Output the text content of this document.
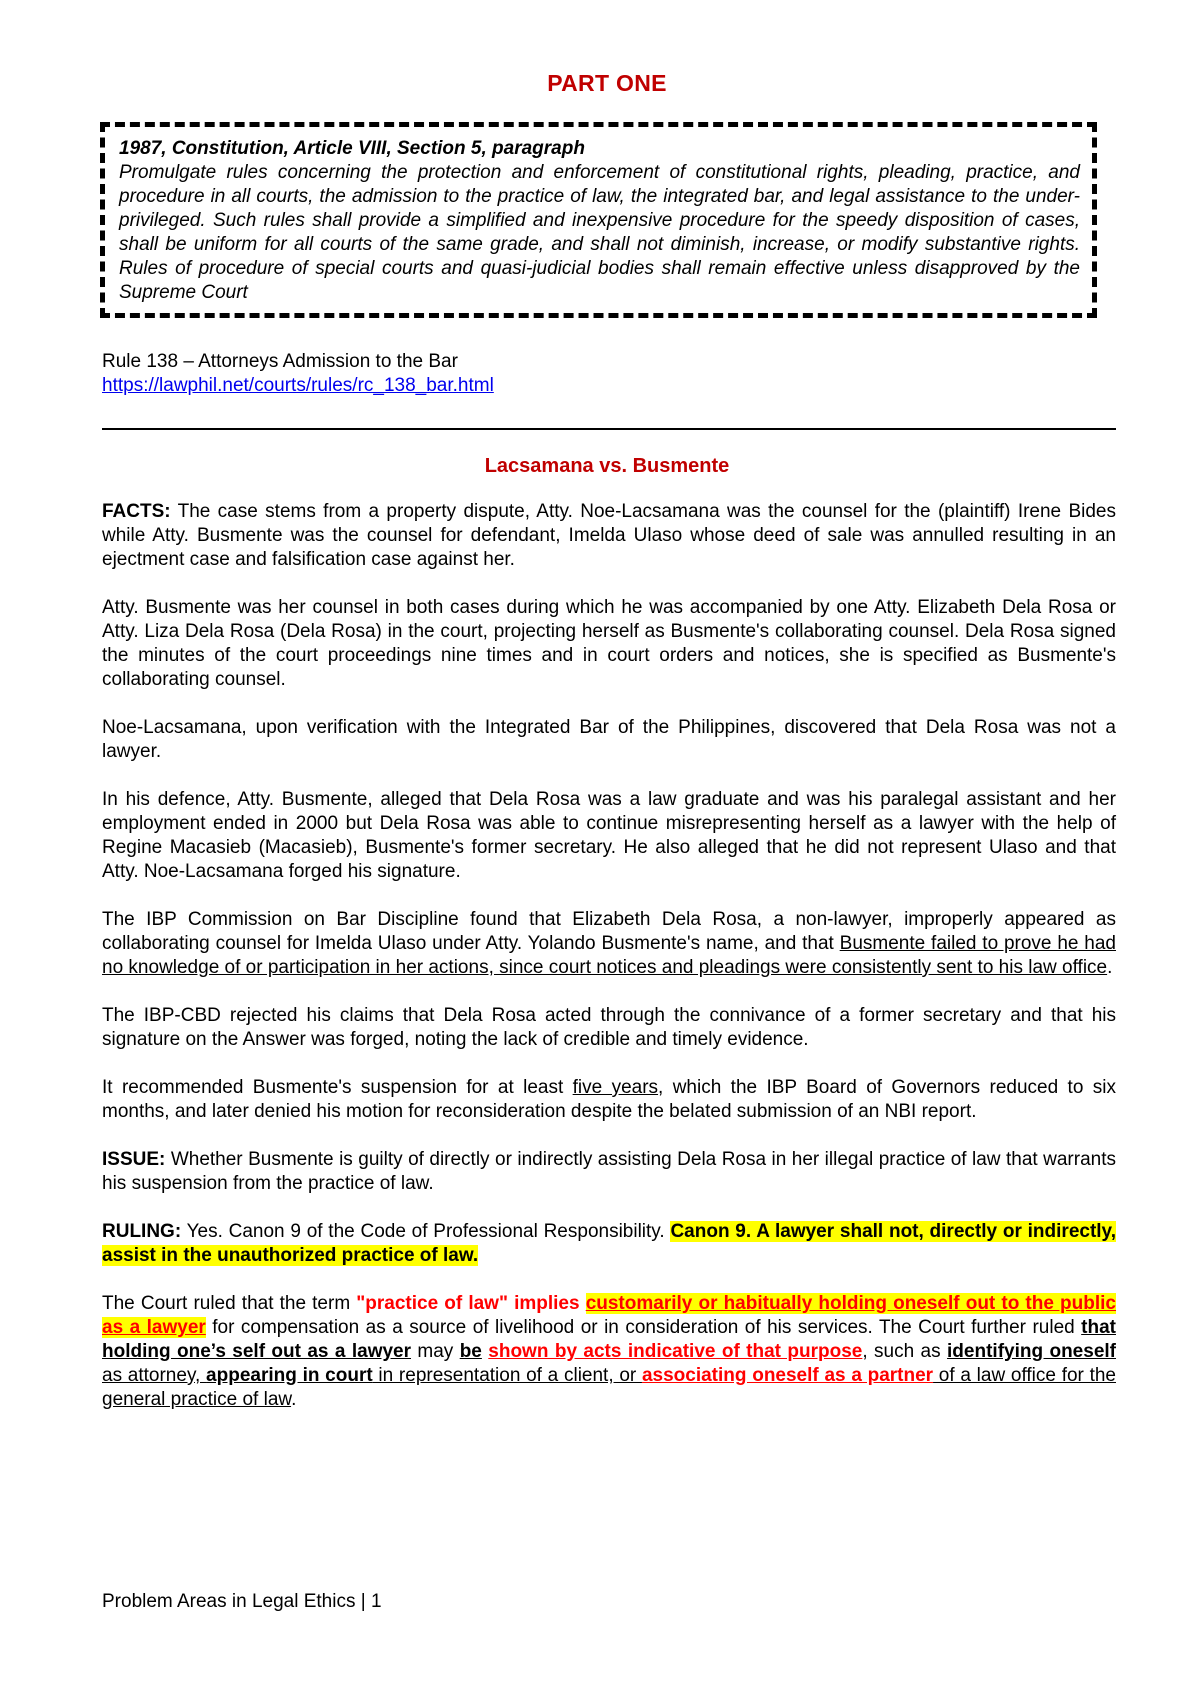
PART ONE
1987, Constitution, Article VIII, Section 5, paragraph
Promulgate rules concerning the protection and enforcement of constitutional rights, pleading, practice, and procedure in all courts, the admission to the practice of law, the integrated bar, and legal assistance to the under-privileged. Such rules shall provide a simplified and inexpensive procedure for the speedy disposition of cases, shall be uniform for all courts of the same grade, and shall not diminish, increase, or modify substantive rights. Rules of procedure of special courts and quasi-judicial bodies shall remain effective unless disapproved by the Supreme Court
Rule 138 – Attorneys Admission to the Bar
https://lawphil.net/courts/rules/rc_138_bar.html
Lacsamana vs. Busmente

FACTS: The case stems from a property dispute, Atty. Noe-Lacsamana was the counsel for the (plaintiff) Irene Bides while Atty. Busmente was the counsel for defendant, Imelda Ulaso whose deed of sale was annulled resulting in an ejectment case and falsification case against her.

Atty. Busmente was her counsel in both cases during which he was accompanied by one Atty. Elizabeth Dela Rosa or Atty. Liza Dela Rosa (Dela Rosa) in the court, projecting herself as Busmente's collaborating counsel. Dela Rosa signed the minutes of the court proceedings nine times and in court orders and notices, she is specified as Busmente's collaborating counsel.

Noe-Lacsamana, upon verification with the Integrated Bar of the Philippines, discovered that Dela Rosa was not a lawyer.

In his defence, Atty. Busmente, alleged that Dela Rosa was a law graduate and was his paralegal assistant and her employment ended in 2000 but Dela Rosa was able to continue misrepresenting herself as a lawyer with the help of Regine Macasieb (Macasieb), Busmente's former secretary. He also alleged that he did not represent Ulaso and that Atty. Noe-Lacsamana forged his signature.

The IBP Commission on Bar Discipline found that Elizabeth Dela Rosa, a non-lawyer, improperly appeared as collaborating counsel for Imelda Ulaso under Atty. Yolando Busmente's name, and that Busmente failed to prove he had no knowledge of or participation in her actions, since court notices and pleadings were consistently sent to his law office.

The IBP-CBD rejected his claims that Dela Rosa acted through the connivance of a former secretary and that his signature on the Answer was forged, noting the lack of credible and timely evidence.

It recommended Busmente's suspension for at least five years, which the IBP Board of Governors reduced to six months, and later denied his motion for reconsideration despite the belated submission of an NBI report.

ISSUE: Whether Busmente is guilty of directly or indirectly assisting Dela Rosa in her illegal practice of law that warrants his suspension from the practice of law.

RULING: Yes. Canon 9 of the Code of Professional Responsibility. Canon 9. A lawyer shall not, directly or indirectly, assist in the unauthorized practice of law.

The Court ruled that the term "practice of law" implies customarily or habitually holding oneself out to the public as a lawyer for compensation as a source of livelihood or in consideration of his services. The Court further ruled that holding one’s self out as a lawyer may be shown by acts indicative of that purpose, such as identifying oneself as attorney, appearing in court in representation of a client, or associating oneself as a partner of a law office for the general practice of law.

Problem Areas in Legal Ethics | 1
